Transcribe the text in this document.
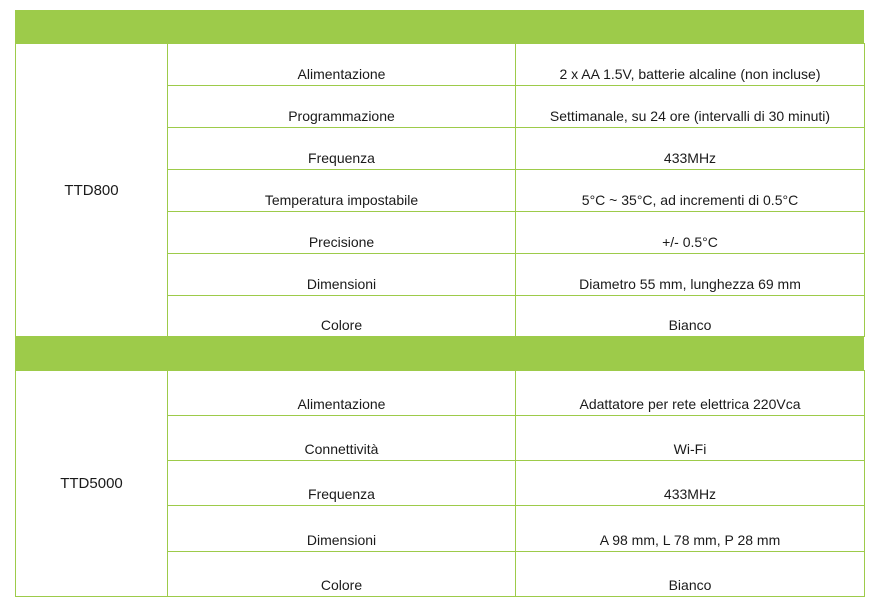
TTD800	Alimentazione	2 x AA 1.5V, batterie alcaline (non incluse)
	Programmazione	Settimanale, su 24 ore (intervalli di 30 minuti)
	Frequenza	433MHz
	Temperatura impostabile	5°C ~ 35°C, ad incrementi di 0.5°C
	Precisione	+/- 0.5°C
	Dimensioni	Diametro 55 mm, lunghezza 69 mm
	Colore	Bianco
TTD5000	Alimentazione	Adattatore per rete elettrica 220Vca
	Connettività	Wi-Fi
	Frequenza	433MHz
	Dimensioni	A 98 mm, L 78 mm, P 28 mm
	Colore	Bianco
